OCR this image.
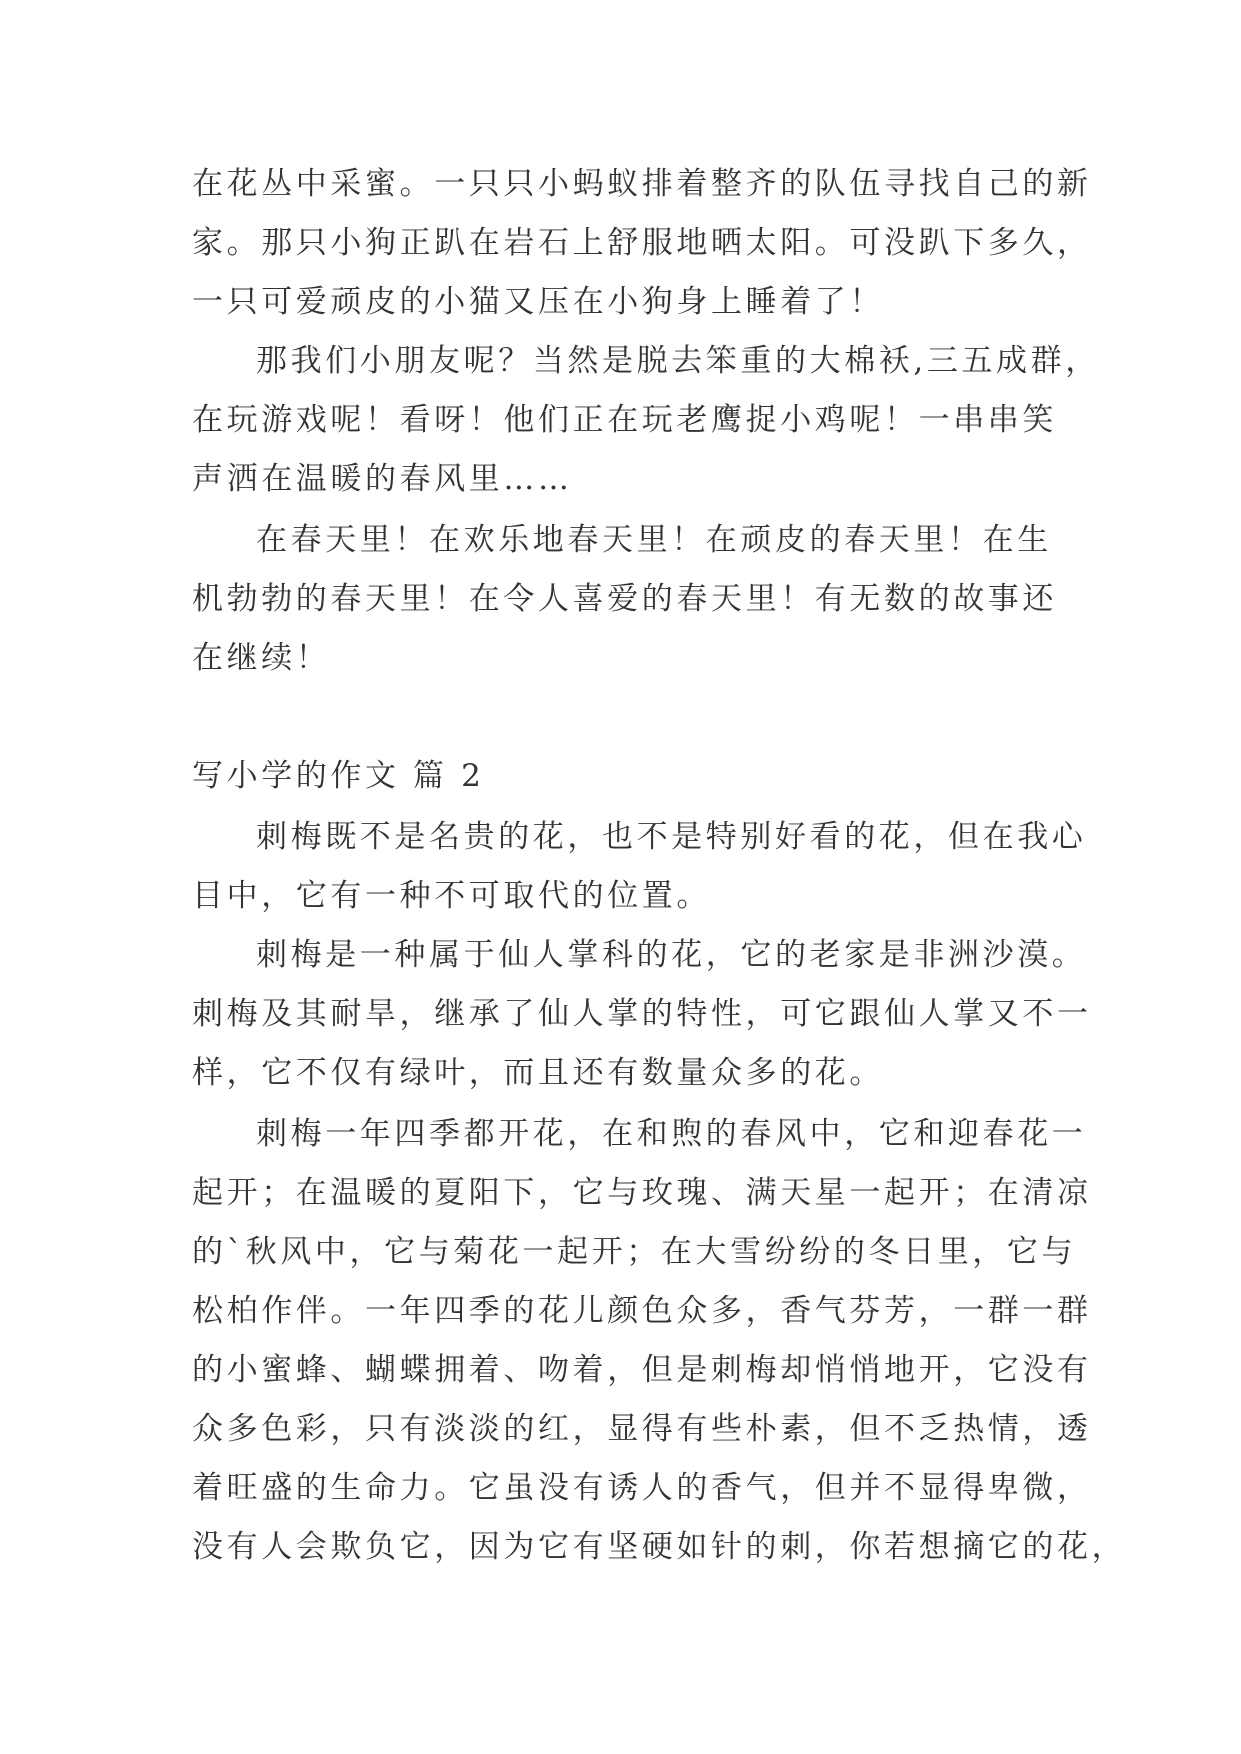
在花丛中采蜜。一只只小蚂蚁排着整齐的队伍寻找自己的新
家。那只小狗正趴在岩石上舒服地晒太阳。可没趴下多久，
一只可爱顽皮的小猫又压在小狗身上睡着了！
那我们小朋友呢？当然是脱去笨重的大棉袄,三五成群，
在玩游戏呢！看呀！他们正在玩老鹰捉小鸡呢！一串串笑
声洒在温暖的春风里……
在春天里！在欢乐地春天里！在顽皮的春天里！在生
机勃勃的春天里！在令人喜爱的春天里！有无数的故事还
在继续！
写小学的作文 篇 2
刺梅既不是名贵的花，也不是特别好看的花，但在我心
目中，它有一种不可取代的位置。
刺梅是一种属于仙人掌科的花，它的老家是非洲沙漠。
刺梅及其耐旱，继承了仙人掌的特性，可它跟仙人掌又不一
样，它不仅有绿叶，而且还有数量众多的花。
刺梅一年四季都开花，在和煦的春风中，它和迎春花一
起开；在温暖的夏阳下，它与玫瑰、满天星一起开；在清凉
的`秋风中，它与菊花一起开；在大雪纷纷的冬日里，它与
松柏作伴。一年四季的花儿颜色众多，香气芬芳，一群一群
的小蜜蜂、蝴蝶拥着、吻着，但是刺梅却悄悄地开，它没有
众多色彩，只有淡淡的红，显得有些朴素，但不乏热情，透
着旺盛的生命力。它虽没有诱人的香气，但并不显得卑微，
没有人会欺负它，因为它有坚硬如针的刺，你若想摘它的花，
